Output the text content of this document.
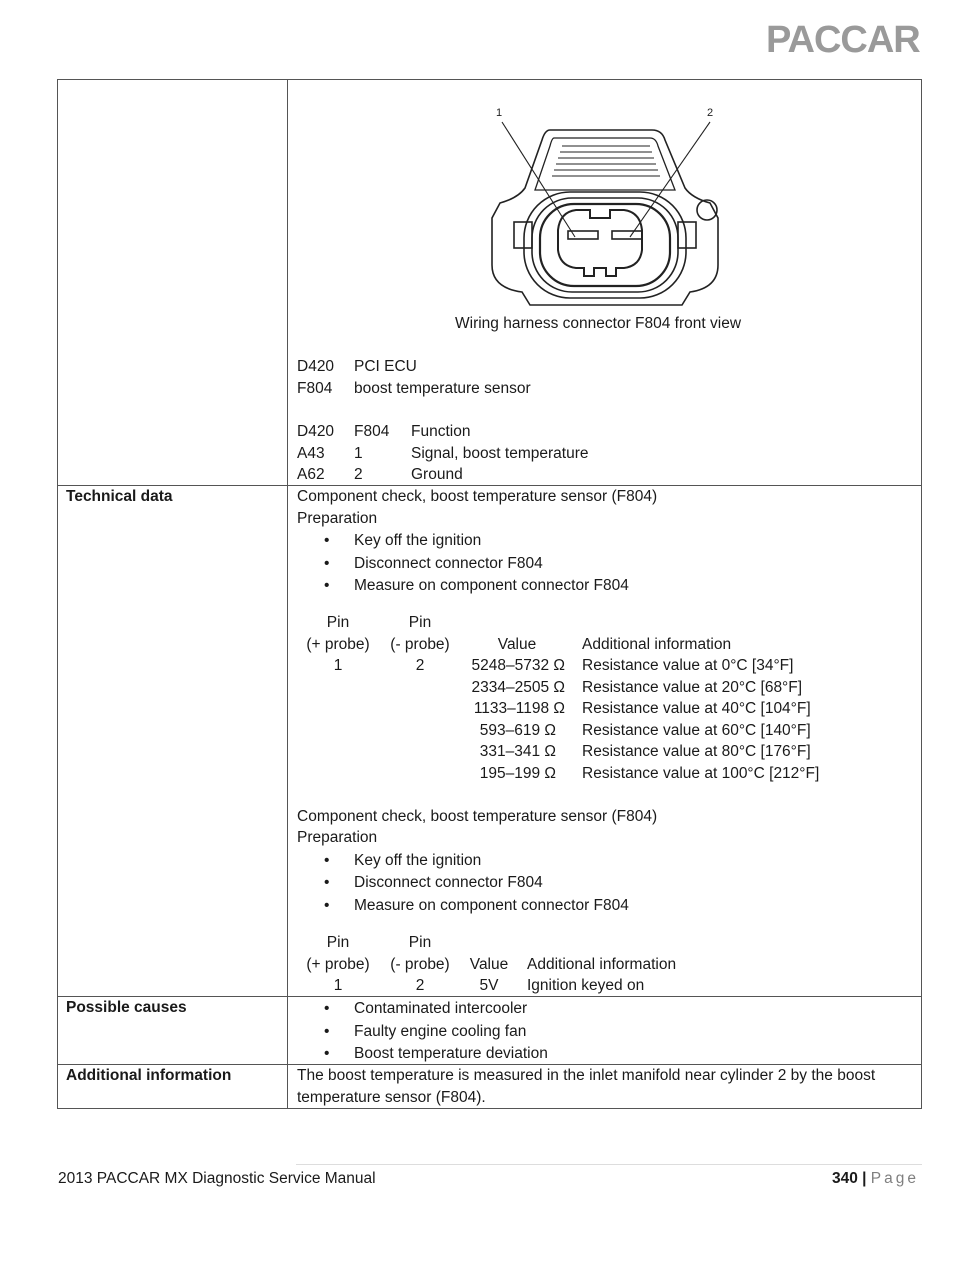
PACCAR
1	2
Wiring harness connector F804 front view
D420 PCI ECU
F804 boost temperature sensor
D420 F804 Function
A43 1	Signal, boost temperature
A62 2	Ground
Technical data	Component check, boost temperature sensor (F804)
Preparation
• Key off the ignition
• Disconnect connector F804
• Measure on component connector F804
Pin
(+ probe)
Pin
(- probe)	Value	Additional information
1	2	5248–5732 Ω Resistance value at 0°C [34°F]
2334–2505 Ω Resistance value at 20°C [68°F]
1133–1198 Ω Resistance value at 40°C [104°F]
593–619 Ω Resistance value at 60°C [140°F]
331–341 Ω Resistance value at 80°C [176°F]
195–199 Ω Resistance value at 100°C [212°F]
Component check, boost temperature sensor (F804)
Preparation
• Key off the ignition
• Disconnect connector F804
• Measure on component connector F804
Pin
(+ probe)
Pin
(- probe)	Value	Additional information
1	2	5V	Ignition keyed on
Possible causes
•	Contaminated intercooler
• Faulty engine cooling fan
• Boost temperature deviation
Additional information	The boost temperature is measured in the inlet manifold near cylinder 2 by the boost
temperature sensor (F804).
2013 PACCAR MX Diagnostic Service Manual	340 | Page
